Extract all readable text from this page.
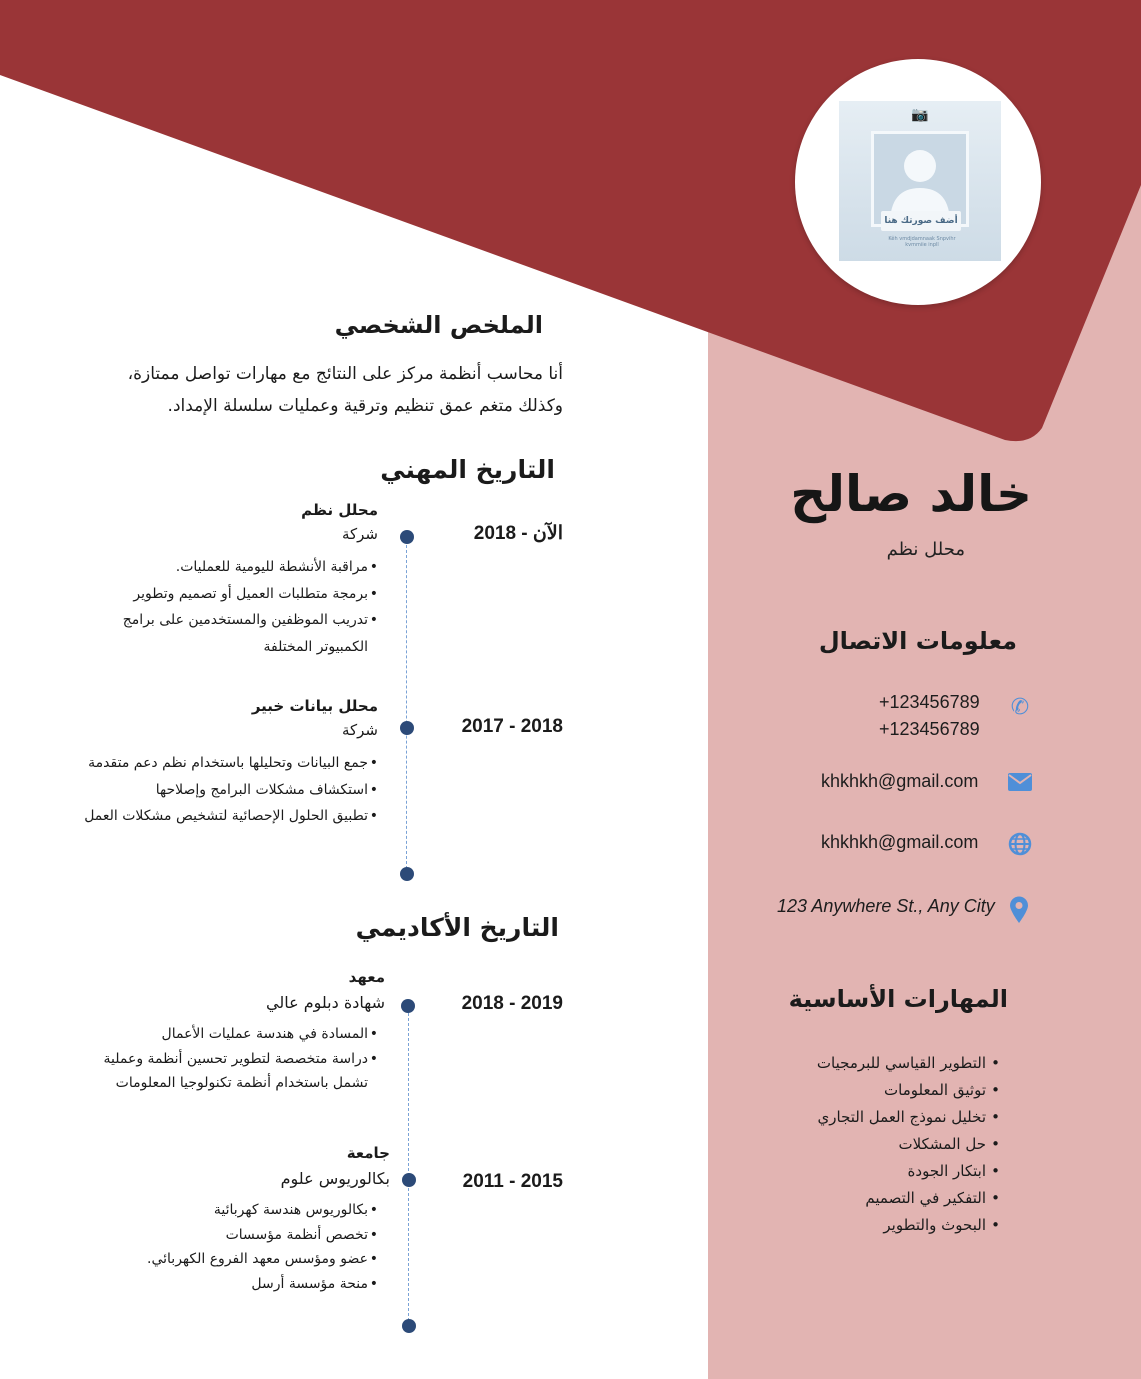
📷
أضف صورتك هنا
Kêh vmdjdamnaak Snpvihr kvmmiie inpll
خالد صالح
محلل نظم
معلومات الاتصال
✆
+123456789
+123456789
khkhkh@gmail.com
khkhkh@gmail.com
123 Anywhere St., Any City
المهارات الأساسية
التطوير القياسي للبرمجيات •
توثيق المعلومات •
تخليل نموذج العمل التجاري •
حل المشكلات •
ابتكار الجودة •
التفكير في التصميم •
البحوث والتطوير •
الملخص الشخصي
أنا محاسب أنظمة مركز على النتائج مع مهارات تواصل ممتازة،
وكذلك متغم عمق تنظيم وترقية وعمليات سلسلة الإمداد.
التاريخ المهني
2018 - الآن
محلل نظم
شركة
مراقبة الأنشطة لليومية للعمليات. •
برمجة متطلبات العميل أو تصميم وتطوير •
تدريب الموظفين والمستخدمين على برامج الكمبيوتر المختلفة •
2017 - 2018
محلل بيانات خبير
شركة
جمع البيانات وتحليلها باستخدام نظم دعم متقدمة •
استكشاف مشكلات البرامج وإصلاحها •
تطبيق الحلول الإحصائية لتشخيص مشكلات العمل •
التاريخ الأكاديمي
2018 - 2019
معهد
شهادة دبلوم عالي
المسادة في هندسة عمليات الأعمال •
دراسة متخصصة لتطوير تحسين أنظمة وعملية تشمل باستخدام أنظمة تكنولوجيا المعلومات •
2011 - 2015
جامعة
بكالوريوس علوم
بكالوريوس هندسة كهربائية •
تخصص أنظمة مؤسسات •
عضو ومؤسس معهد الفروع الكهربائي. •
منحة مؤسسة أرسل •
